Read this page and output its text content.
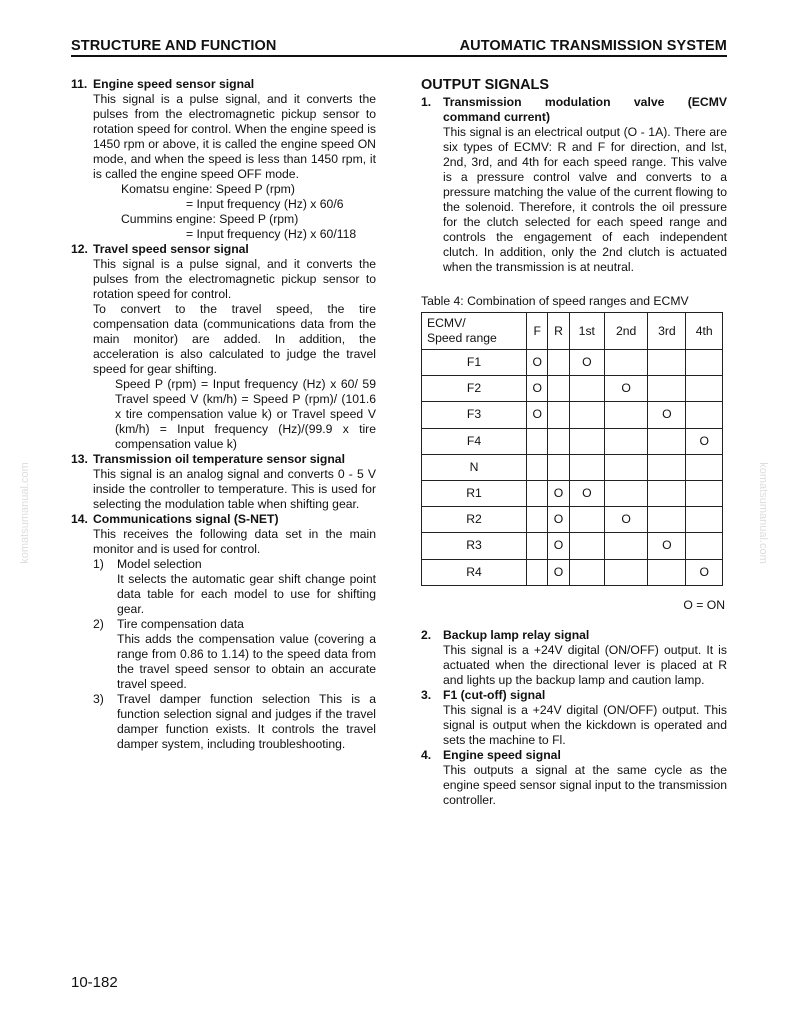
STRUCTURE AND FUNCTION	AUTOMATIC TRANSMISSION SYSTEM
11. Engine speed sensor signal
This signal is a pulse signal, and it converts the pulses from the electromagnetic pickup sensor to rotation speed for control. When the engine speed is 1450 rpm or above, it is called the engine speed ON mode, and when the speed is less than 1450 rpm, it is called the engine speed OFF mode.
Komatsu engine: Speed P (rpm)
= Input frequency (Hz) x 60/6
Cummins engine: Speed P (rpm)
= Input frequency (Hz) x 60/118
12. Travel speed sensor signal
This signal is a pulse signal, and it converts the pulses from the electromagnetic pickup sensor to rotation speed for control.
To convert to the travel speed, the tire compensation data (communications data from the main monitor) are added. In addition, the acceleration is also calculated to judge the travel speed for gear shifting.
Speed P (rpm) = Input frequency (Hz) x 60/ 59 Travel speed V (km/h) = Speed P (rpm)/ (101.6 x tire compensation value k) or Travel speed V (km/h) = Input frequency (Hz)/(99.9 x tire compensation value k)
13. Transmission oil temperature sensor signal
This signal is an analog signal and converts 0 - 5 V inside the controller to temperature. This is used for selecting the modulation table when shifting gear.
14. Communications signal (S-NET)
This receives the following data set in the main monitor and is used for control.
1)	Model selection
It selects the automatic gear shift change point data table for each model to use for shifting gear.
2)	Tire compensation data
This adds the compensation value (covering a range from 0.86 to 1.14) to the speed data from the travel speed sensor to obtain an accurate travel speed.
3)	Travel damper function selection This is a function selection signal and judges if the travel damper function exists. It controls the travel damper system, including troubleshooting.
OUTPUT SIGNALS
1. Transmission modulation valve (ECMV command current)
This signal is an electrical output (O - 1A). There are six types of ECMV: R and F for direction, and lst, 2nd, 3rd, and 4th for each speed range. This valve is a pressure control valve and converts to a pressure matching the value of the current flowing to the solenoid. Therefore, it controls the oil pressure for the clutch selected for each speed range and controls the engagement of each independent clutch. In addition, only the 2nd clutch is actuated when the transmission is at neutral.
Table 4: Combination of speed ranges and ECMV
ECMV/
Speed range	F	R	1st	2nd	3rd	4th
F1	O		O			
F2	O			O		
F3	O				O	
F4						O
N						
R1		O	O			
R2		O		O		
R3		O			O	
R4		O				O
O = ON
2. Backup lamp relay signal
This signal is a +24V digital (ON/OFF) output. It is actuated when the directional lever is placed at R and lights up the backup lamp and caution lamp.
3. F1 (cut-off) signal
This signal is a +24V digital (ON/OFF) output. This signal is output when the kickdown is operated and sets the machine to Fl.
4. Engine speed signal
This outputs a signal at the same cycle as the engine speed sensor signal input to the transmission controller.
komatsumanual.com	komatsumanual.com
10-182
